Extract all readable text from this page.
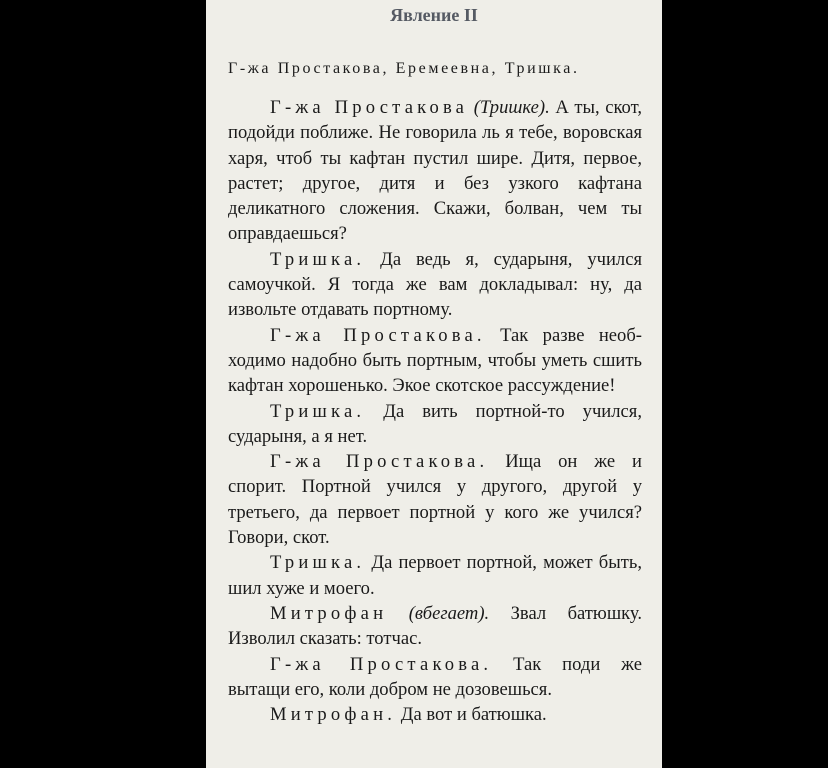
Явление II
Г-жа Простакова, Еремеевна, Тришка.

Г-жа Простакова (Тришке). А ты, скот, подойди поближе. Не говорила ль я тебе, воровская харя, чтоб ты кафтан пустил шире. Дитя, первое, растет; другое, дитя и без узкого кафтана деликатного сложения. Скажи, болван, чем ты оправдаешься?

Тришка. Да ведь я, сударыня, учился самоучкой. Я тогда же вам докладывал: ну, да извольте отдавать портному.

Г-жа Простакова. Так разве необходимо надобно быть портным, чтобы уметь сшить кафтан хорошенько. Экое скотское рассуждение!

Тришка. Да вить портной-то учился, сударыня, а я нет.

Г-жа Простакова. Ища он же и спорит. Портной учился у другого, другой у третьего, да первоет портной у кого же учился? Говори, скот.

Тришка. Да первоет портной, может быть, шил хуже и моего.

Митрофан (вбегает). Звал батюшку. Изволил сказать: тотчас.

Г-жа Простакова. Так поди же вытащи его, коли добром не дозовешься.

Митрофан. Да вот и батюшка.
